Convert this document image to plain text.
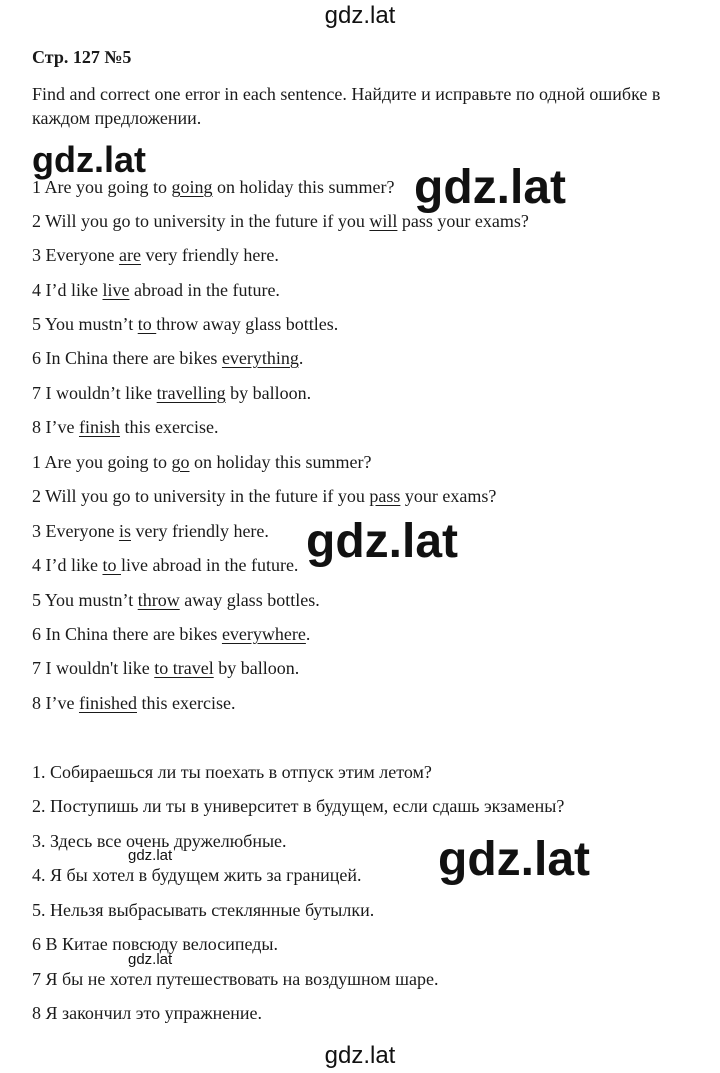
gdz.lat
Стр. 127 №5
Find and correct one error in each sentence. Найдите и исправьте по одной ошибке в каждом предложении.
1 Are you going to going on holiday this summer?
2 Will you go to university in the future if you will pass your exams?
3 Everyone are very friendly here.
4 I’d like live abroad in the future.
5 You mustn’t to throw away glass bottles.
6 In China there are bikes everything.
7 I wouldn’t like travelling by balloon.
8 I’ve finish this exercise.
1 Are you going to go on holiday this summer?
2 Will you go to university in the future if you pass your exams?
3 Everyone is very friendly here.
4 I’d like to live abroad in the future.
5 You mustn’t throw away glass bottles.
6 In China there are bikes everywhere.
7 I wouldn't like to travel by balloon.
8 I’ve finished this exercise.
1. Собираешься ли ты поехать в отпуск этим летом?
2. Поступишь ли ты в университет в будущем, если сдашь экзамены?
3. Здесь все очень дружелюбные.
4. Я бы хотел в будущем жить за границей.
5. Нельзя выбрасывать стеклянные бутылки.
6 В Китае повсюду велосипеды.
7 Я бы не хотел путешествовать на воздушном шаре.
8 Я закончил это упражнение.
gdz.lat
gdz.lat
gdz.lat
gdz.lat
gdz.lat
gdz.lat
gdz.lat
